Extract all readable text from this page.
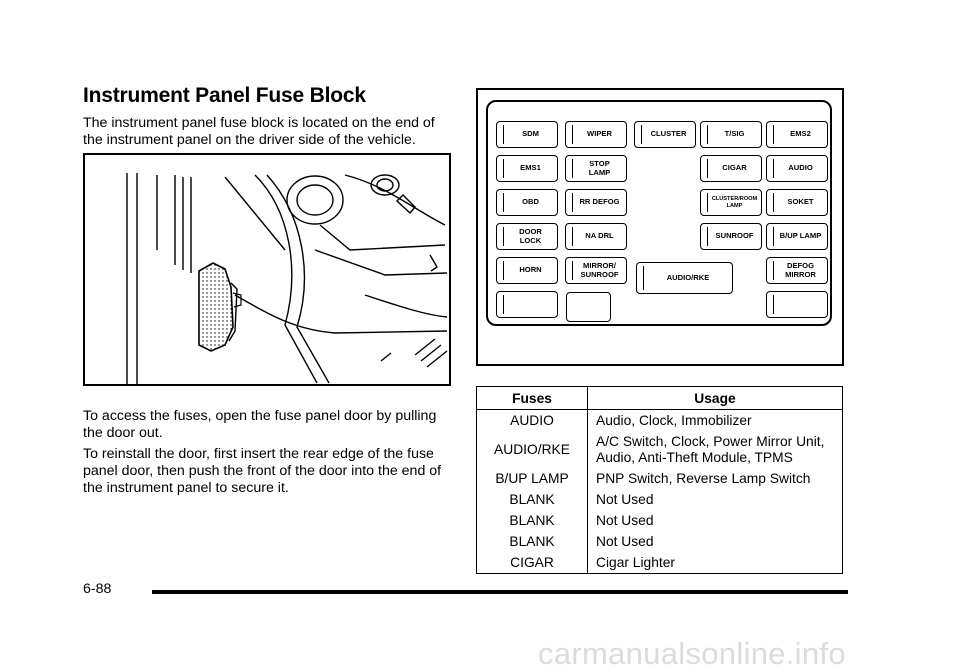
Instrument Panel Fuse Block

The instrument panel fuse block is located on the end of the instrument panel on the driver side of the vehicle.

To access the fuses, open the fuse panel door by pulling the door out.

To reinstall the door, first insert the rear edge of the fuse panel door, then push the front of the door into the end of the instrument panel to secure it.

SDM	WIPER	CLUSTER	T/SIG	EMS2
EMS1	STOP
LAMP	CIGAR	AUDIO
OBD	RR DEFOG	CLUSTER/ROOM
LAMP	SOKET
DOOR
LOCK	NA DRL	SUNROOF	B/UP LAMP
HORN	MIRROR/
SUNROOF	AUDIO/RKE
DEFOG
MIRROR
Fuses	Usage
AUDIO	Audio, Clock, Immobilizer
AUDIO/RKE	A/C Switch, Clock, Power Mirror Unit, Audio, Anti-Theft Module, TPMS
B/UP LAMP	PNP Switch, Reverse Lamp Switch
BLANK	Not Used
BLANK	Not Used
BLANK	Not Used
CIGAR	Cigar Lighter
6-88
carmanualsonline.info
